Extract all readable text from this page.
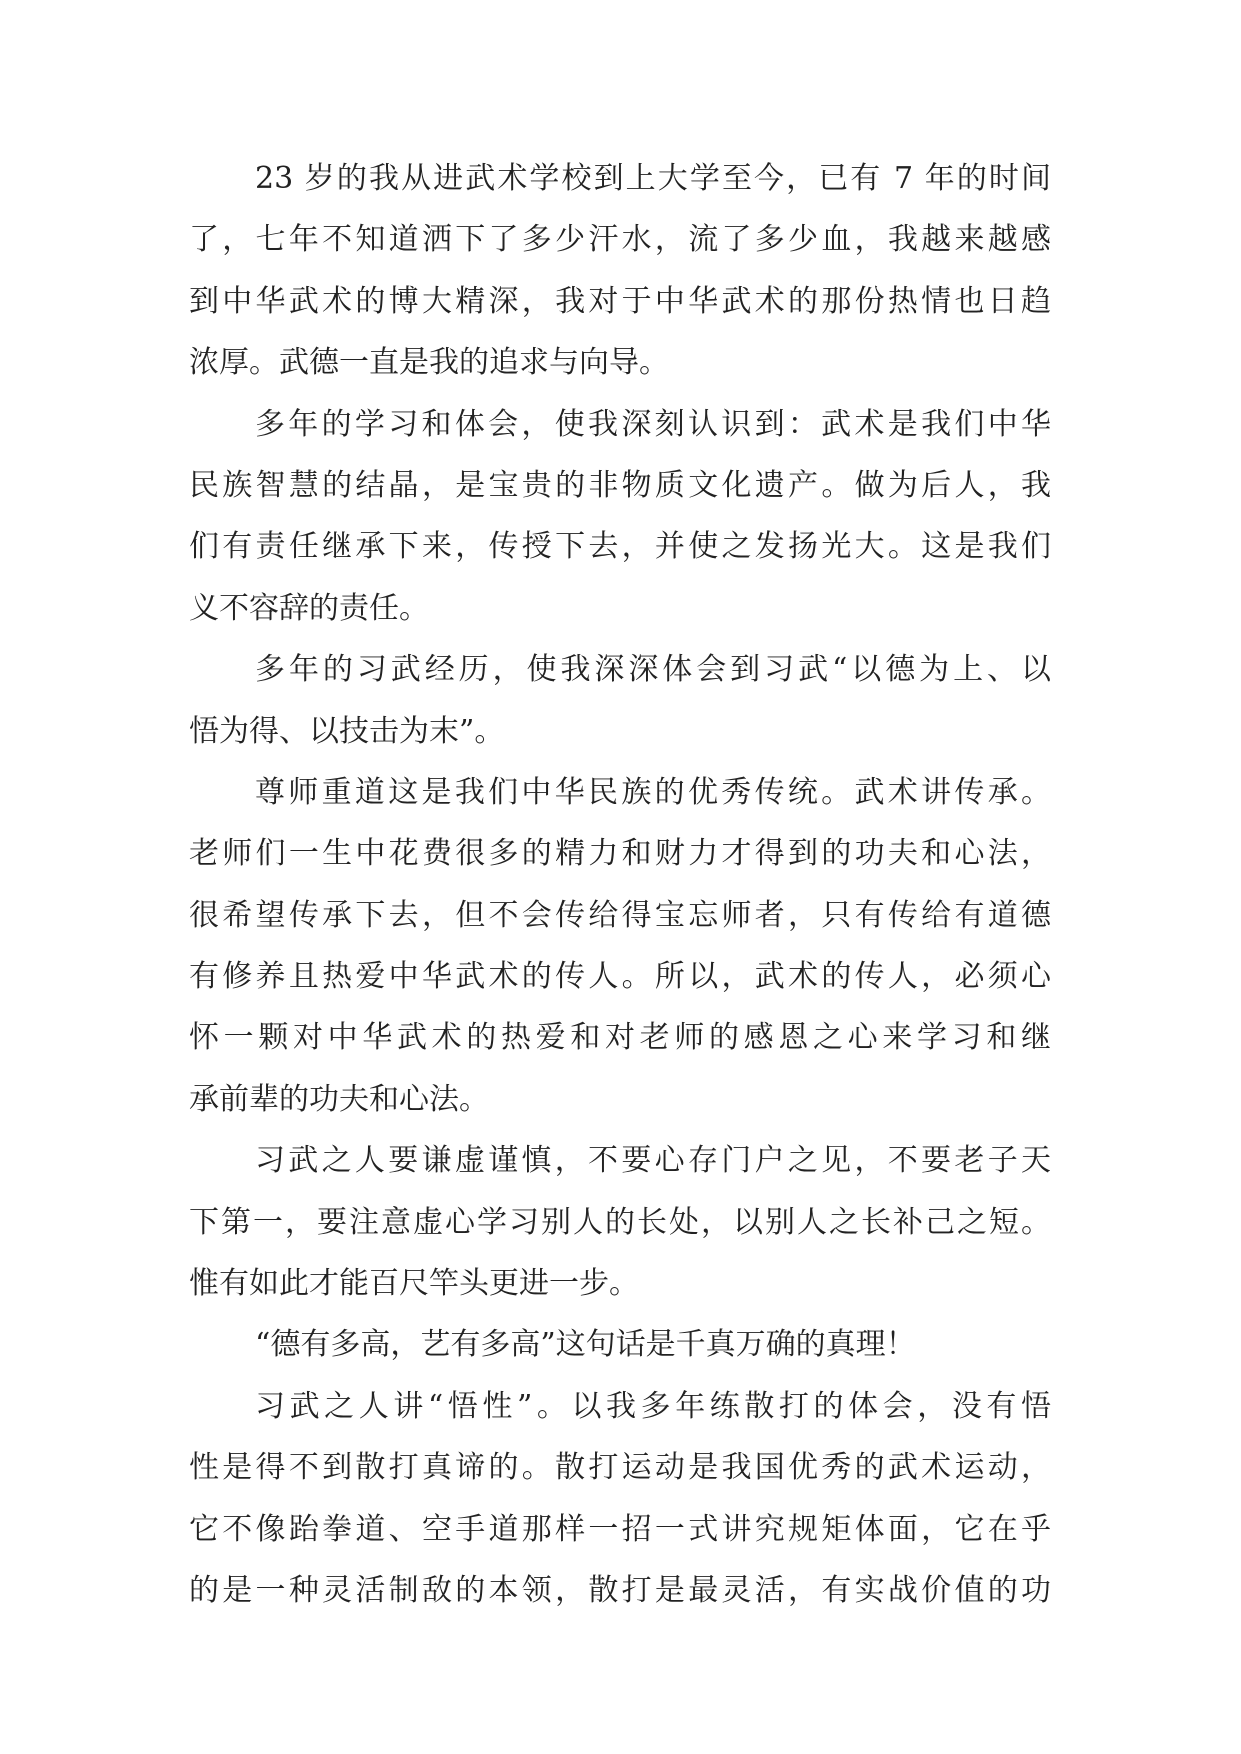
23 岁的我从进武术学校到上大学至今，已有 7 年的时间
了，七年不知道洒下了多少汗水，流了多少血，我越来越感
到中华武术的博大精深，我对于中华武术的那份热情也日趋
浓厚。武德一直是我的追求与向导。
多年的学习和体会，使我深刻认识到：武术是我们中华
民族智慧的结晶，是宝贵的非物质文化遗产。做为后人，我
们有责任继承下来，传授下去，并使之发扬光大。这是我们
义不容辞的责任。
多年的习武经历，使我深深体会到习武“以德为上、以
悟为得、以技击为末”。
尊师重道这是我们中华民族的优秀传统。武术讲传承。
老师们一生中花费很多的精力和财力才得到的功夫和心法，
很希望传承下去，但不会传给得宝忘师者，只有传给有道德
有修养且热爱中华武术的传人。所以，武术的传人，必须心
怀一颗对中华武术的热爱和对老师的感恩之心来学习和继
承前辈的功夫和心法。
习武之人要谦虚谨慎，不要心存门户之见，不要老子天
下第一，要注意虚心学习别人的长处，以别人之长补己之短。
惟有如此才能百尺竿头更进一步。
“德有多高，艺有多高”这句话是千真万确的真理！
习武之人讲“悟性”。以我多年练散打的体会，没有悟
性是得不到散打真谛的。散打运动是我国优秀的武术运动，
它不像跆拳道、空手道那样一招一式讲究规矩体面，它在乎
的是一种灵活制敌的本领，散打是最灵活，有实战价值的功
